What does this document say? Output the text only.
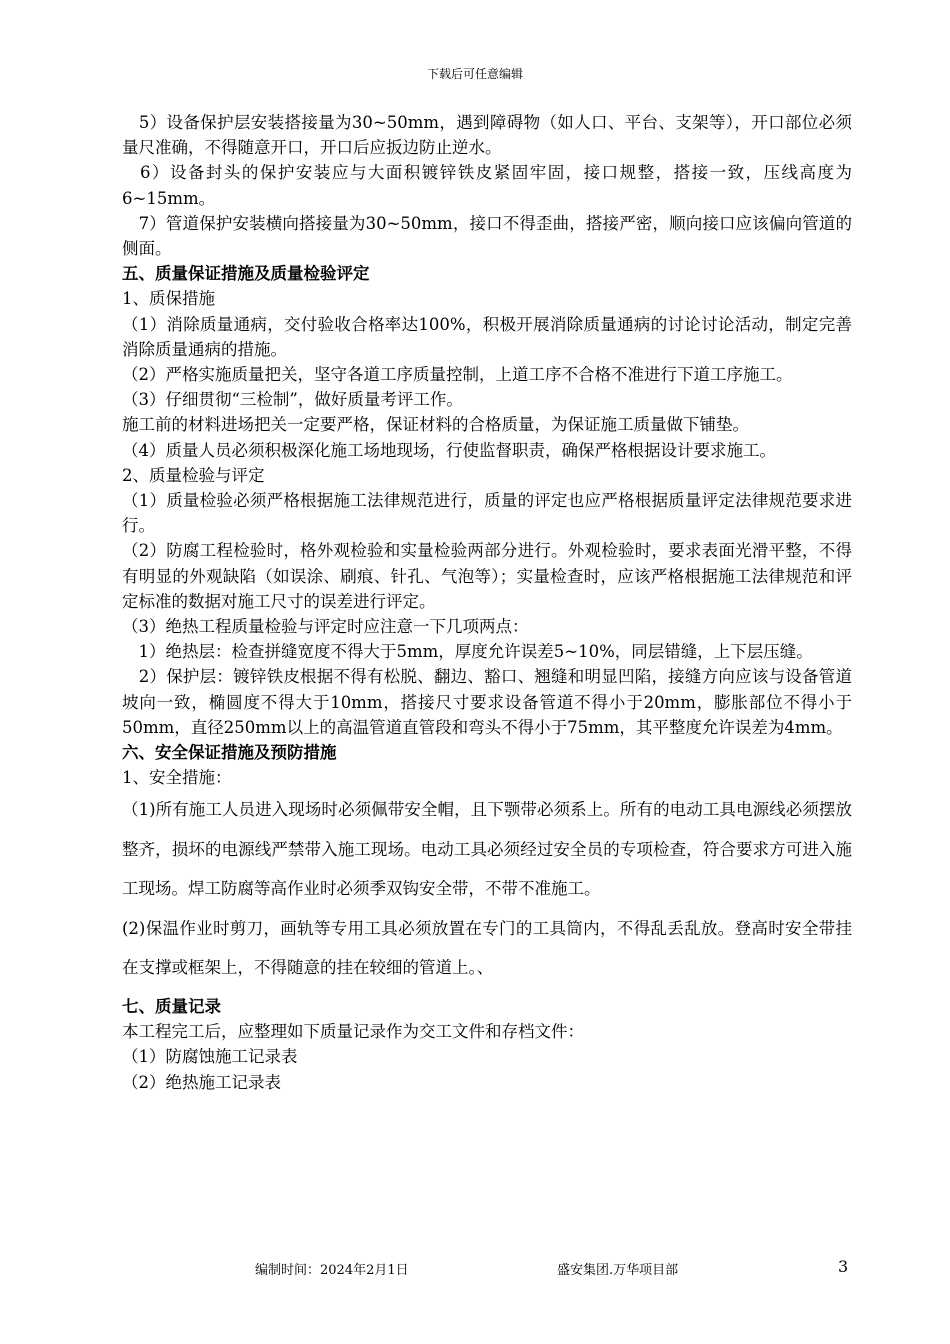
下载后可任意编辑

　5）设备保护层安装搭接量为30~50mm，遇到障碍物（如人口、平台、支架等），开口部位必须量尺准确，不得随意开口，开口后应扳边防止逆水。

　6）设备封头的保护安装应与大面积镀锌铁皮紧固牢固，接口规整，搭接一致，压线高度为6~15mm。

　7）管道保护安装横向搭接量为30~50mm，接口不得歪曲，搭接严密，顺向接口应该偏向管道的侧面。

五、质量保证措施及质量检验评定

1、质保措施

（1）消除质量通病，交付验收合格率达100%，积极开展消除质量通病的讨论讨论活动，制定完善消除质量通病的措施。

（2）严格实施质量把关，坚守各道工序质量控制，上道工序不合格不准进行下道工序施工。

（3）仔细贯彻“三检制”，做好质量考评工作。

施工前的材料进场把关一定要严格，保证材料的合格质量，为保证施工质量做下铺垫。

（4）质量人员必须积极深化施工场地现场，行使监督职责，确保严格根据设计要求施工。

2、质量检验与评定

（1）质量检验必须严格根据施工法律规范进行，质量的评定也应严格根据质量评定法律规范要求进行。

（2）防腐工程检验时，格外观检验和实量检验两部分进行。外观检验时，要求表面光滑平整，不得有明显的外观缺陷（如误涂、刷痕、针孔、气泡等）；实量检查时，应该严格根据施工法律规范和评定标准的数据对施工尺寸的误差进行评定。

（3）绝热工程质量检验与评定时应注意一下几项两点：

　1）绝热层：检查拼缝宽度不得大于5mm，厚度允许误差5~10%，同层错缝，上下层压缝。

　2）保护层：镀锌铁皮根据不得有松脱、翻边、豁口、翘缝和明显凹陷，接缝方向应该与设备管道坡向一致，椭圆度不得大于10mm，搭接尺寸要求设备管道不得小于20mm，膨胀部位不得小于50mm，直径250mm以上的高温管道直管段和弯头不得小于75mm，其平整度允许误差为4mm。

六、安全保证措施及预防措施

1、安全措施：

（1)所有施工人员进入现场时必须佩带安全帽，且下颚带必须系上。所有的电动工具电源线必须摆放整齐，损坏的电源线严禁带入施工现场。电动工具必须经过安全员的专项检查，符合要求方可进入施工现场。焊工防腐等高作业时必须季双钩安全带，不带不准施工。

(2)保温作业时剪刀，画轨等专用工具必须放置在专门的工具筒内，不得乱丢乱放。登高时安全带挂在支撑或框架上，不得随意的挂在较细的管道上。、

七、质量记录

本工程完工后，应整理如下质量记录作为交工文件和存档文件：

（1）防腐蚀施工记录表

（2）绝热施工记录表

编制时间：2024年2月1日	盛安集团.万华项目部	3
